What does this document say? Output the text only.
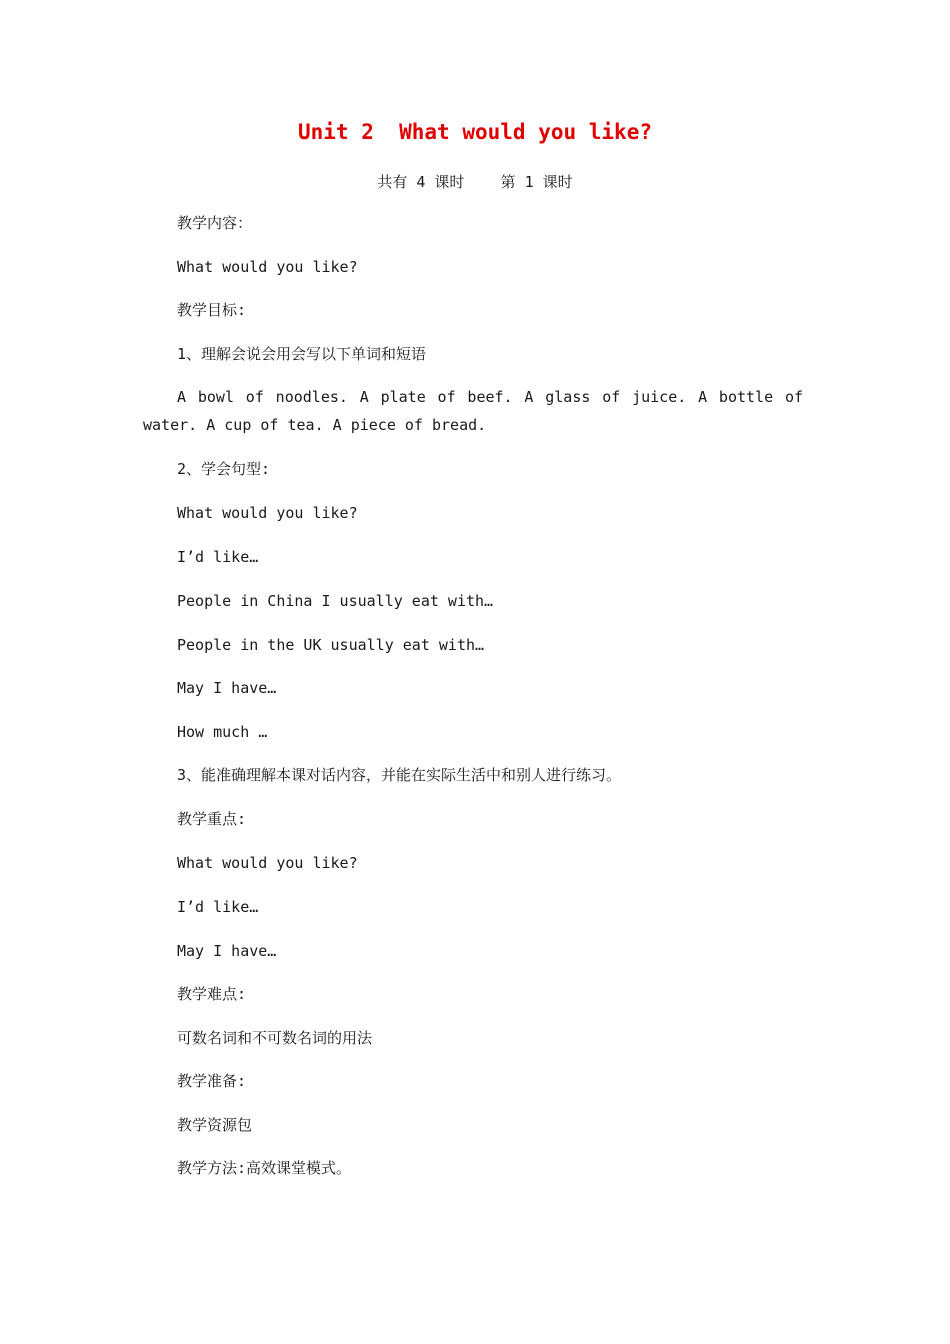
Unit 2  What would you like?
共有 4 课时    第 1 课时
教学内容：
What would you like?
教学目标:
1、理解会说会用会写以下单词和短语
A bowl of noodles. A plate of beef. A glass of juice. A bottle of water. A cup of tea. A piece of bread.
2、学会句型:
What would you like?
I’d like…
People in China I usually eat with…
People in the UK usually eat with…
May I have…
How much …
3、能准确理解本课对话内容，并能在实际生活中和别人进行练习。
教学重点:
What would you like?
I’d like…
May I have…
教学难点:
可数名词和不可数名词的用法
教学准备:
教学资源包
教学方法:高效课堂模式。
